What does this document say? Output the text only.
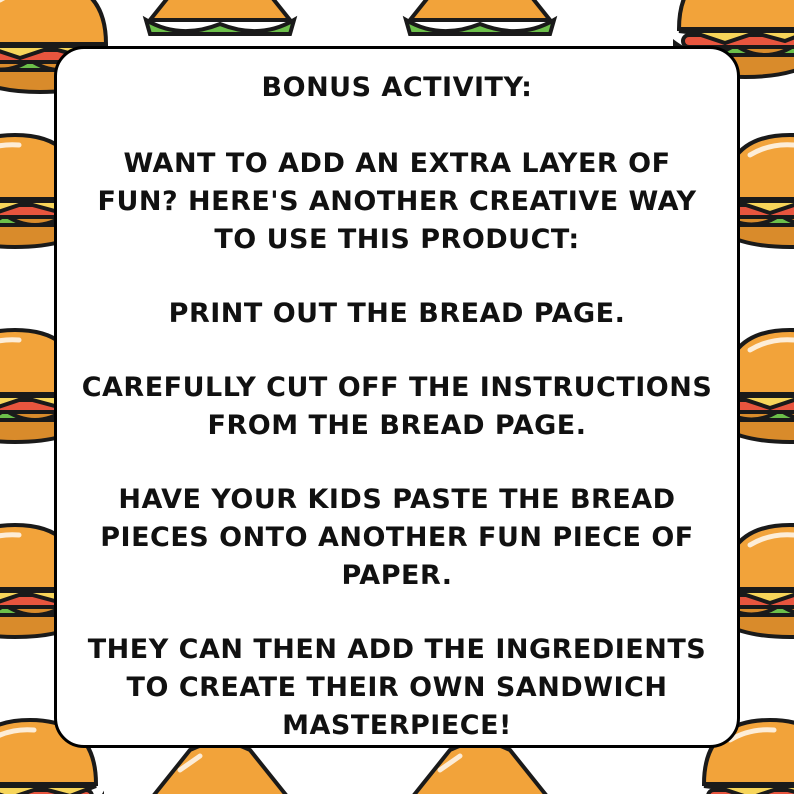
BONUS ACTIVITY:

WANT TO ADD AN EXTRA LAYER OF FUN? HERE'S ANOTHER CREATIVE WAY TO USE THIS PRODUCT:

PRINT OUT THE BREAD PAGE.

CAREFULLY CUT OFF THE INSTRUCTIONS FROM THE BREAD PAGE.

HAVE YOUR KIDS PASTE THE BREAD PIECES ONTO ANOTHER FUN PIECE OF PAPER.

THEY CAN THEN ADD THE INGREDIENTS TO CREATE THEIR OWN SANDWICH MASTERPIECE!
